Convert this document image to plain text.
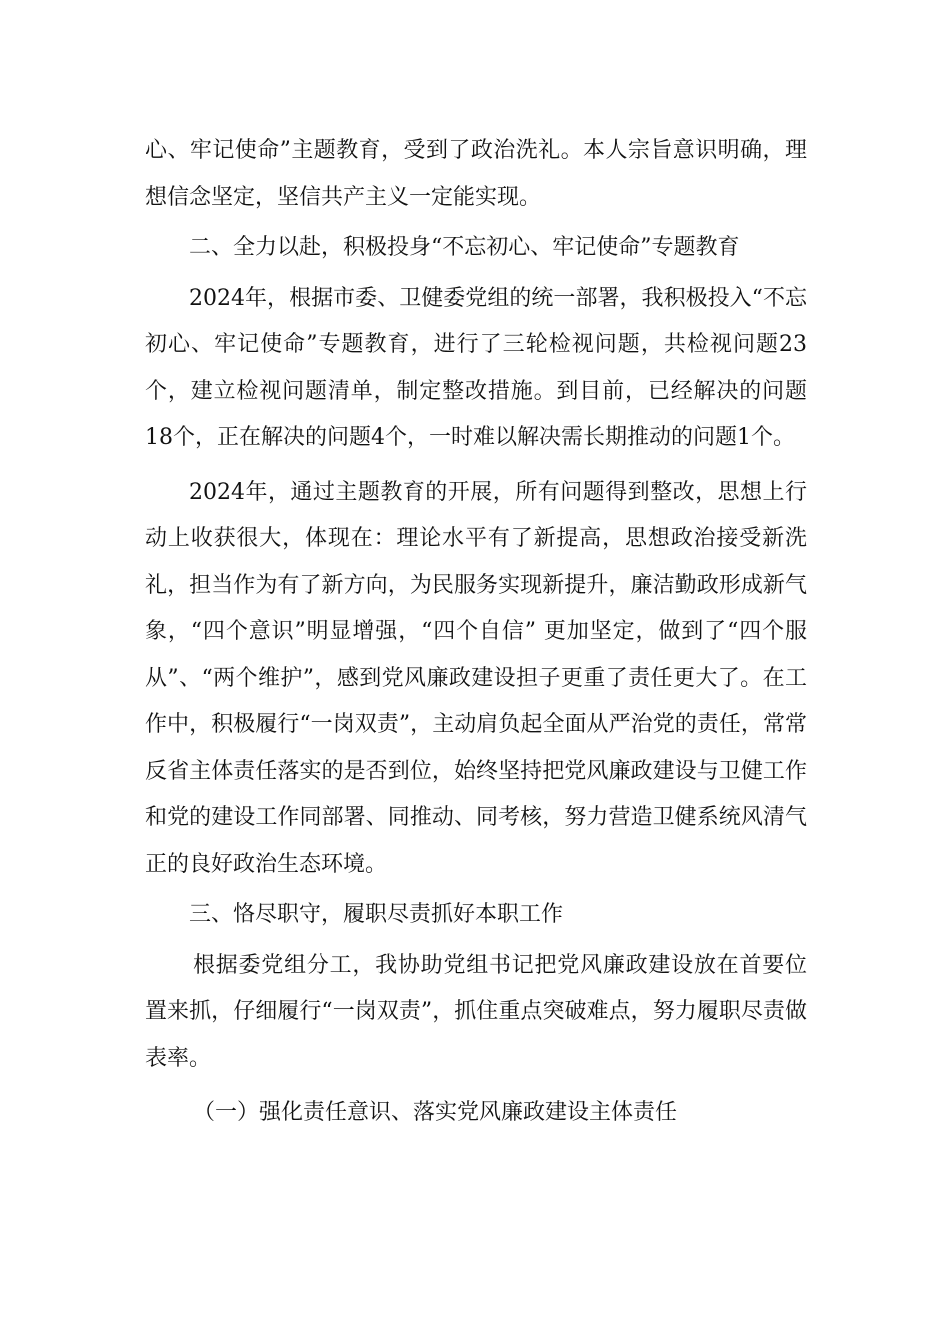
心、牢记使命”主题教育，受到了政治洗礼。本人宗旨意识明确，理想信念坚定，坚信共产主义一定能实现。

二、全力以赴，积极投身“不忘初心、牢记使命”专题教育

2024年，根据市委、卫健委党组的统一部署，我积极投入“不忘初心、牢记使命”专题教育，进行了三轮检视问题，共检视问题23个，建立检视问题清单，制定整改措施。到目前，已经解决的问题18个，正在解决的问题4个，一时难以解决需长期推动的问题1个。

2024年，通过主题教育的开展，所有问题得到整改，思想上行动上收获很大，体现在：理论水平有了新提高，思想政治接受新洗礼，担当作为有了新方向，为民服务实现新提升，廉洁勤政形成新气象，“四个意识”明显增强，“四个自信” 更加坚定，做到了“四个服从”、“两个维护”，感到党风廉政建设担子更重了责任更大了。在工作中，积极履行“一岗双责”，主动肩负起全面从严治党的责任，常常反省主体责任落实的是否到位，始终坚持把党风廉政建设与卫健工作和党的建设工作同部署、同推动、同考核，努力营造卫健系统风清气正的良好政治生态环境。

三、恪尽职守，履职尽责抓好本职工作

根据委党组分工，我协助党组书记把党风廉政建设放在首要位置来抓，仔细履行“一岗双责”，抓住重点突破难点，努力履职尽责做表率。

（一）强化责任意识、落实党风廉政建设主体责任
